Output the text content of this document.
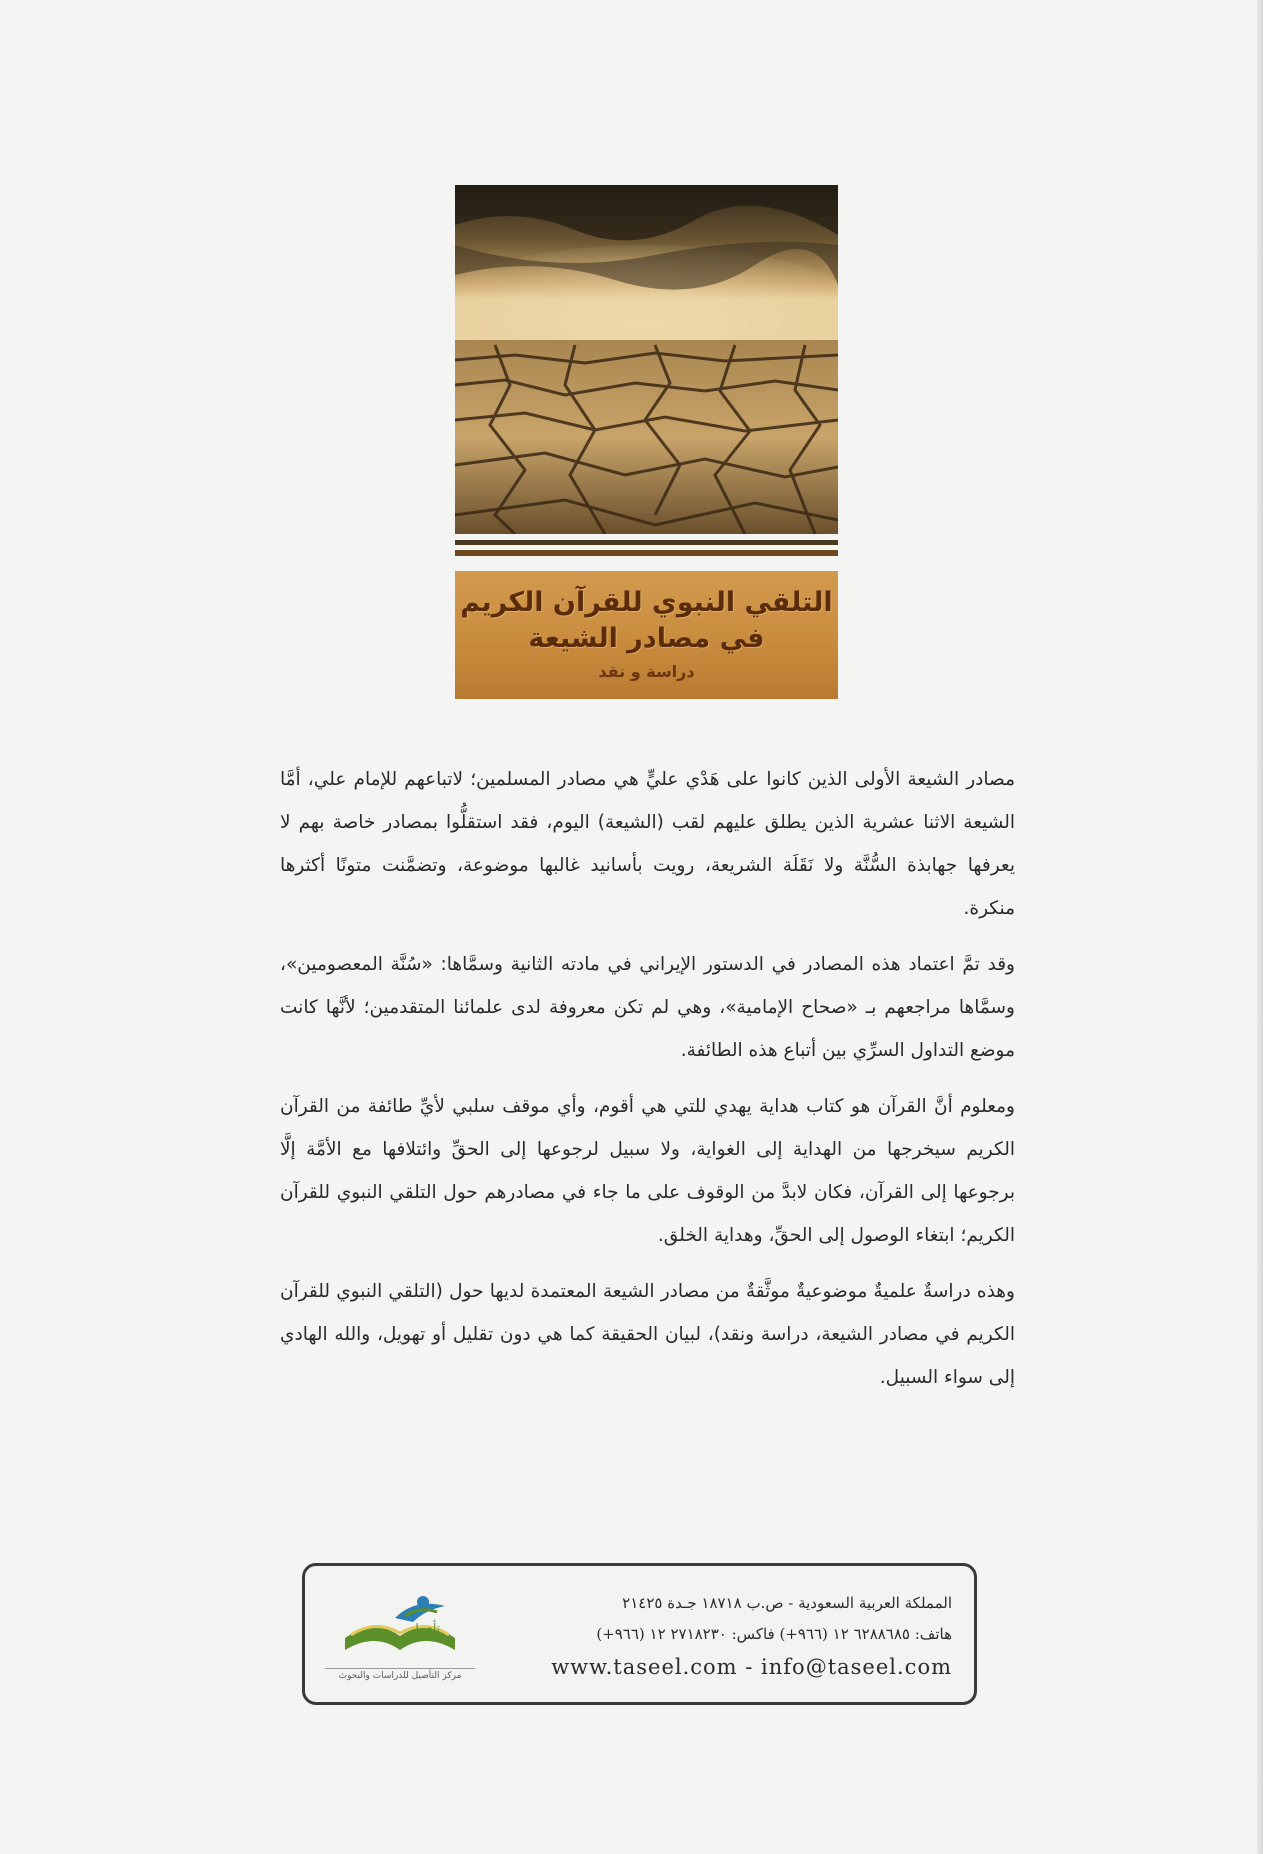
التلقي النبوي للقرآن الكريم
في مصادر الشيعة
دراسة و نقد

مصادر الشيعة الأولى الذين كانوا على هَدْي عليٍّ هي مصادر المسلمين؛ لاتباعهم للإمام علي، أمَّا الشيعة الاثنا عشرية الذين يطلق عليهم لقب (الشيعة) اليوم، فقد استقلُّوا بمصادر خاصة بهم لا يعرفها جهابذة السُّنَّة ولا نَقَلَة الشريعة، رويت بأسانيد غالبها موضوعة، وتضمَّنت متونًا أكثرها منكرة.

وقد تمَّ اعتماد هذه المصادر في الدستور الإيراني في مادته الثانية وسمَّاها: «سُنَّة المعصومين»، وسمَّاها مراجعهم بـ «صحاح الإمامية»، وهي لم تكن معروفة لدى علمائنا المتقدمين؛ لأنَّها كانت موضع التداول السرِّي بين أتباع هذه الطائفة.

ومعلوم أنَّ القرآن هو كتاب هداية يهدي للتي هي أقوم، وأي موقف سلبي لأيِّ طائفة من القرآن الكريم سيخرجها من الهداية إلى الغواية، ولا سبيل لرجوعها إلى الحقِّ وائتلافها مع الأمَّة إلَّا برجوعها إلى القرآن، فكان لابدَّ من الوقوف على ما جاء في مصادرهم حول التلقي النبوي للقرآن الكريم؛ ابتغاء الوصول إلى الحقِّ، وهداية الخلق.

وهذه دراسةٌ علميةٌ موضوعيةٌ موثَّقةٌ من مصادر الشيعة المعتمدة لديها حول (التلقي النبوي للقرآن الكريم في مصادر الشيعة، دراسة ونقد)، لبيان الحقيقة كما هي دون تقليل أو تهويل، والله الهادي إلى سواء السبيل.

المملكة العربية السعودية - ص.ب ١٨٧١٨ جـدة ٢١٤٢٥
هاتف: ٦٢٨٨٦٨٥ ١٢ (٩٦٦+) فاكس: ٢٧١٨٢٣٠ ١٢ (٩٦٦+)
www.taseel.com - info@taseel.com
تأصيل
مركز التأصيل للدراسات والبحوث
